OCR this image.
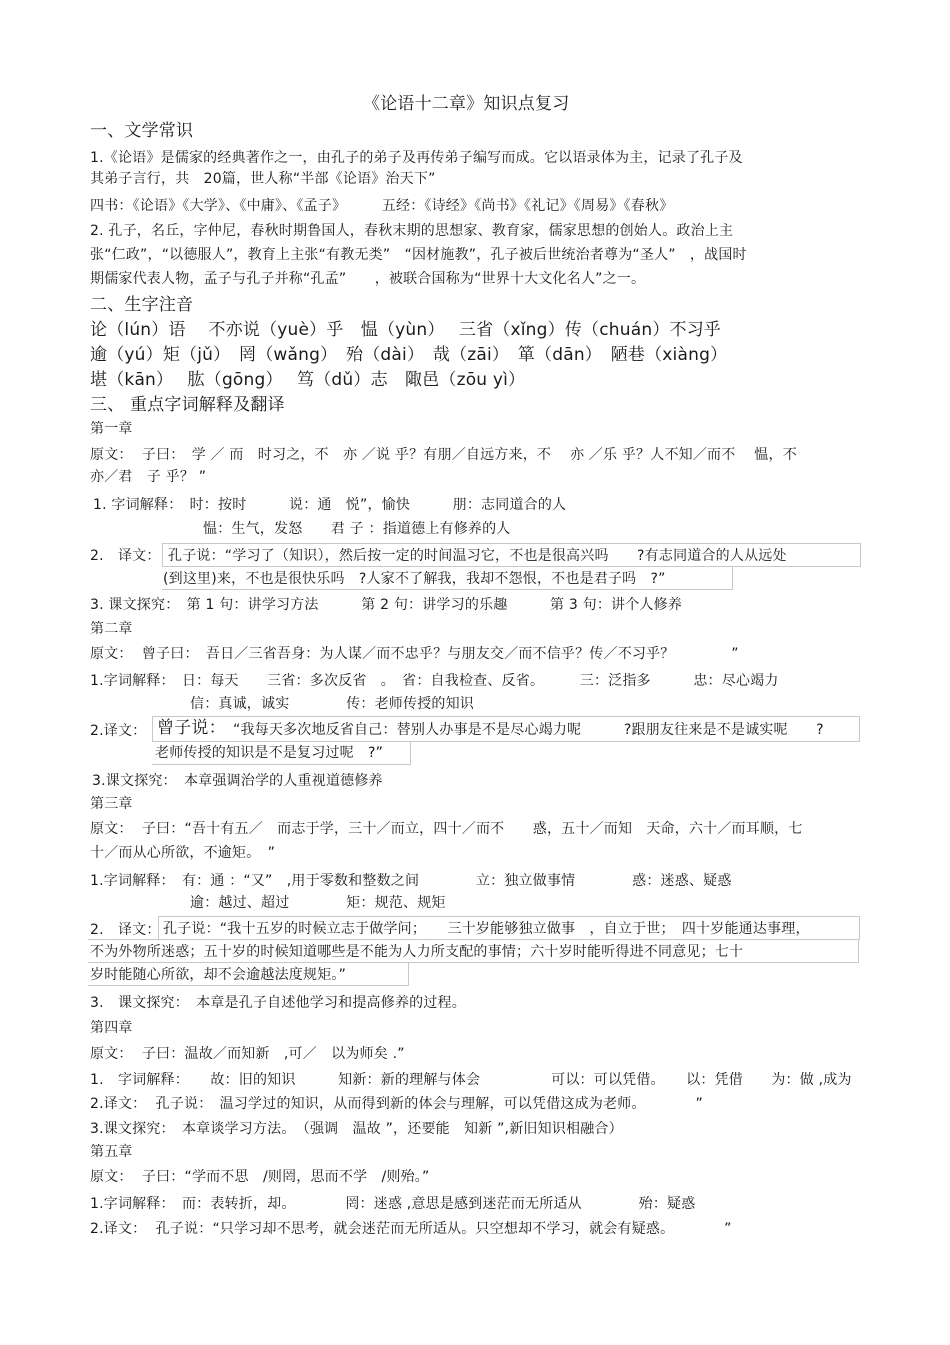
《论语十二章》知识点复习
一、文学常识
1.《论语》是儒家的经典著作之一，由孔子的弟子及再传弟子编写而成。它以语录体为主，记录了孔子及
其弟子言行，共　20篇，世人称“半部《论语》治天下”
四书：《论语》《大学》、《中庸》、《孟子》　　　五经：《诗经》《尚书》《礼记》《周易》《春秋》
2. 孔子，名丘，字仲尼，春秋时期鲁国人，春秋末期的思想家、教育家，儒家思想的创始人。政治上主
张“仁政”，“以德服人”，教育上主张“有教无类”　“因材施教”，孔子被后世统治者尊为“圣人”　，战国时
期儒家代表人物，孟子与孔子并称“孔孟”　　，被联合国称为“世界十大文化名人”之一。
二、生字注音
论（lún）语　 不亦说（yuè）乎　愠（yùn）　 三省（xǐng）传（chuán）不习乎
逾（yú）矩（jǔ）　罔（wǎng）　殆（dài）　哉（zāi）　箪（dān）　陋巷（xiàng）
堪（kān）　 肱（gōng）　 笃（dǔ）志　陬邑（zōu yì）
三、 重点字词解释及翻译
第一章
原文：  子曰：　学 ／ 而　时习之，不　亦 ／说 乎？有朋／自远方来，不　 亦 ／乐 乎？人不知／而不　 愠，不
亦／君　子 乎？ ”
1. 字词解释：　时：按时　　　说：通　悦”，愉快　　　朋：志同道合的人
愠：生气，发怒　　君 子 ：指道德上有修养的人
2.　译文： 孔子说：“学习了（知识），然后按一定的时间温习它，不也是很高兴吗　　?有志同道合的人从远处
(到这里)来，不也是很快乐吗　?人家不了解我，我却不怨恨，不也是君子吗　?”
3. 课文探究：　第 1 句：讲学习方法　　　第 2 句：讲学习的乐趣　　　第 3 句：讲个人修养
第二章
原文：  曾子曰：　吾日／三省吾身：为人谋／而不忠乎？与朋友交／而不信乎？传／不习乎？　　　　”
1.字词解释：　日：每天　　三省：多次反省　。　省：自我检查、反省。　　　三：泛指多　　　忠：尽心竭力
信：真诚，诚实　　　　传：老师传授的知识
2.译文： 曾子说： “我每天多次地反省自己：替别人办事是不是尽心竭力呢　　　?跟朋友往来是不是诚实呢　　?
老师传授的知识是不是复习过呢　?”
3.课文探究：　本章强调治学的人重视道德修养
第三章
原文：  子曰：“吾十有五／　而志于学，三十／而立，四十／而不　　惑，五十／而知　天命，六十／而耳顺，七
十／而从心所欲，不逾矩。　”
1.字词解释：　有：通 ：“又”　,用于零数和整数之间　　　　立：独立做事情　　　　惑：迷惑、疑惑
逾：越过、超过　　　　矩：规范、规矩
2.　译文： 孔子说：“我十五岁的时候立志于做学问；　　三十岁能够独立做事　，自立于世；　四十岁能通达事理，
不为外物所迷惑；五十岁的时候知道哪些是不能为人力所支配的事情；六十岁时能听得进不同意见；七十
岁时能随心所欲，却不会逾越法度规矩。”
3.　课文探究：　本章是孔子自述他学习和提高修养的过程。
第四章
原文：  子曰：温故／而知新　,可／　以为师矣 .”
1.　字词解释：　　故：旧的知识　　　知新：新的理解与体会　　　　　可以：可以凭借。　　以：凭借　　为：做 ,成为
2.译文：  孔子说：　温习学过的知识，从而得到新的体会与理解，可以凭借这成为老师。　　　　”
3.课文探究：　本章谈学习方法。　（强调　温故 ”，还要能　知新 ”,新旧知识相融合）
第五章
原文：  子曰：“学而不思　/则罔，思而不学　/则殆。”
1.字词解释：　而：表转折，却。　　　　罔：迷惑 ,意思是感到迷茫而无所适从　　　　殆：疑惑
2.译文：  孔子说：“只学习却不思考，就会迷茫而无所适从。只空想却不学习，就会有疑惑。　　　　”
